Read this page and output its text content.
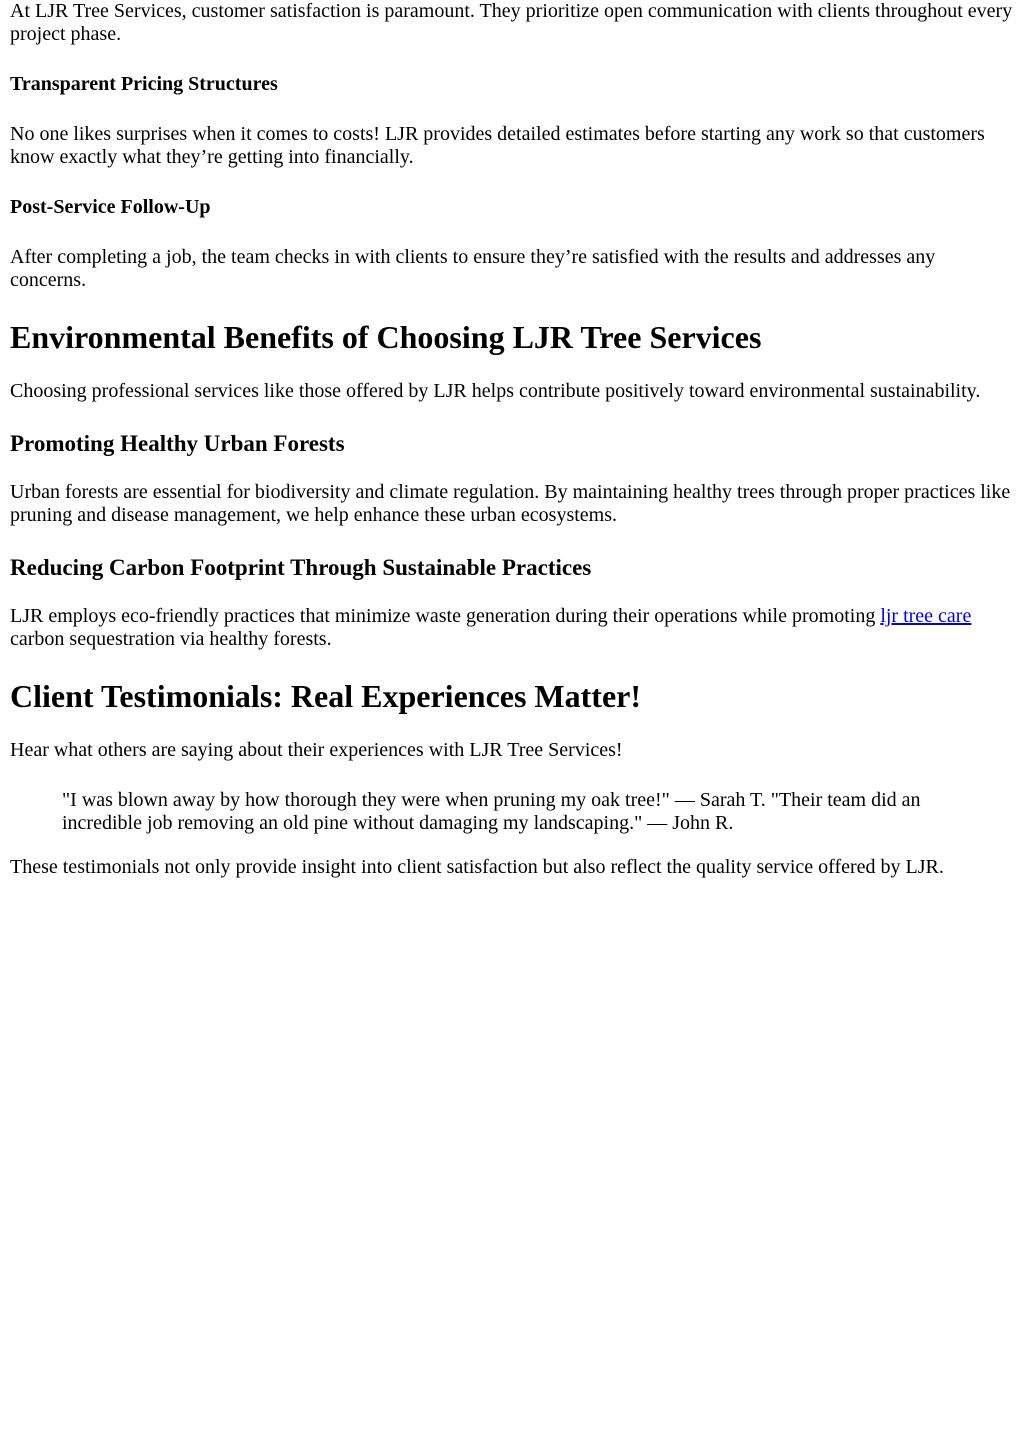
At LJR Tree Services, customer satisfaction is paramount. They prioritize open communication with clients throughout every project phase.

Transparent Pricing Structures

No one likes surprises when it comes to costs! LJR provides detailed estimates before starting any work so that customers know exactly what they’re getting into financially.

Post-Service Follow-Up

After completing a job, the team checks in with clients to ensure they’re satisfied with the results and addresses any concerns.

Environmental Benefits of Choosing LJR Tree Services

Choosing professional services like those offered by LJR helps contribute positively toward environmental sustainability.

Promoting Healthy Urban Forests

Urban forests are essential for biodiversity and climate regulation. By maintaining healthy trees through proper practices like pruning and disease management, we help enhance these urban ecosystems.

Reducing Carbon Footprint Through Sustainable Practices

LJR employs eco-friendly practices that minimize waste generation during their operations while promoting ljr tree care carbon sequestration via healthy forests.

Client Testimonials: Real Experiences Matter!

Hear what others are saying about their experiences with LJR Tree Services!

"I was blown away by how thorough they were when pruning my oak tree!" — Sarah T. "Their team did an incredible job removing an old pine without damaging my landscaping." — John R.

These testimonials not only provide insight into client satisfaction but also reflect the quality service offered by LJR.
